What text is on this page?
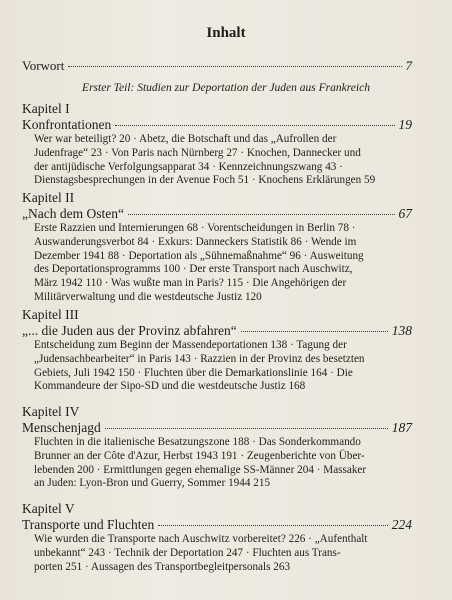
Inhalt
Vorwort	7
Erster Teil: Studien zur Deportation der Juden aus Frankreich
Kapitel I
Konfrontationen	19
Wer war beteiligt? 20 · Abetz, die Botschaft und das „Aufrollen der
Judenfrage“ 23 · Von Paris nach Nürnberg 27 · Knochen, Dannecker und
der antijüdische Verfolgungsapparat 34 · Kennzeichnungszwang 43 ·
Dienstagsbesprechungen in der Avenue Foch 51 · Knochens Erklärungen 59
Kapitel II
„Nach dem Osten“	67
Erste Razzien und Internierungen 68 · Vorentscheidungen in Berlin 78 ·
Auswanderungsverbot 84 · Exkurs: Danneckers Statistik 86 · Wende im
Dezember 1941 88 · Deportation als „Sühnemaßnahme“ 96 · Ausweitung
des Deportationsprogramms 100 · Der erste Transport nach Auschwitz,
März 1942 110 · Was wußte man in Paris? 115 · Die Angehörigen der
Militärverwaltung und die westdeutsche Justiz 120
Kapitel III
„... die Juden aus der Provinz abfahren“	138
Entscheidung zum Beginn der Massendeportationen 138 · Tagung der
„Judensachbearbeiter“ in Paris 143 · Razzien in der Provinz des besetzten
Gebiets, Juli 1942 150 · Fluchten über die Demarkationslinie 164 · Die
Kommandeure der Sipo-SD und die westdeutsche Justiz 168
Kapitel IV
Menschenjagd	187
Fluchten in die italienische Besatzungszone 188 · Das Sonderkommando
Brunner an der Côte d'Azur, Herbst 1943 191 · Zeugenberichte von Über-
lebenden 200 · Ermittlungen gegen ehemalige SS-Männer 204 · Massaker
an Juden: Lyon-Bron und Guerry, Sommer 1944 215
Kapitel V
Transporte und Fluchten	224
Wie wurden die Transporte nach Auschwitz vorbereitet? 226 · „Aufenthalt
unbekannt“ 243 · Technik der Deportation 247 · Fluchten aus Trans-
porten 251 · Aussagen des Transportbegleitpersonals 263
